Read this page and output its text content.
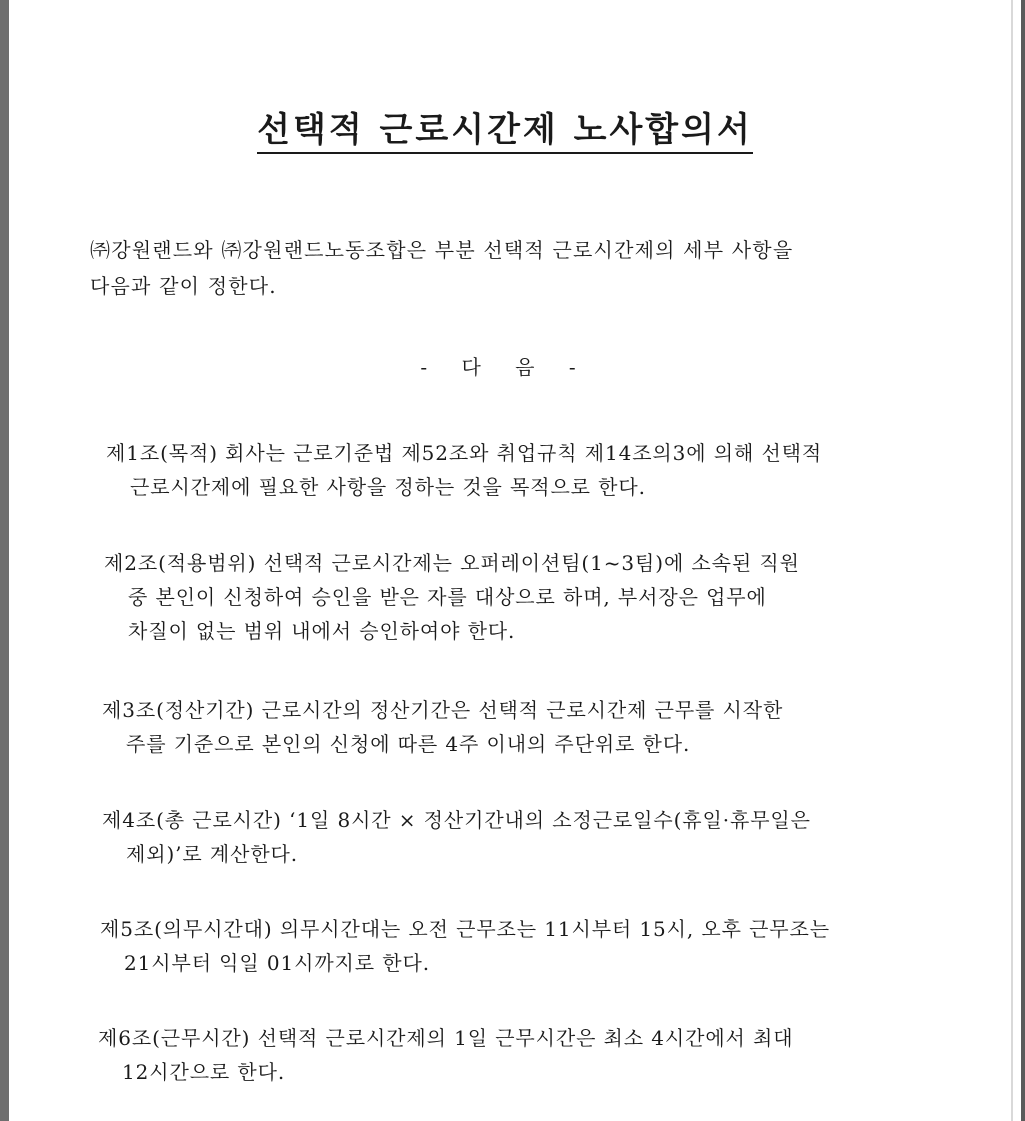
선택적 근로시간제 노사합의서

㈜강원랜드와 ㈜강원랜드노동조합은 부분 선택적 근로시간제의 세부 사항을

다음과 같이 정한다.

- 다 음 -

제1조(목적) 회사는 근로기준법 제52조와 취업규칙 제14조의3에 의해 선택적

근로시간제에 필요한 사항을 정하는 것을 목적으로 한다.

제2조(적용범위) 선택적 근로시간제는 오퍼레이션팀(1~3팀)에 소속된 직원

중 본인이 신청하여 승인을 받은 자를 대상으로 하며, 부서장은 업무에

차질이 없는 범위 내에서 승인하여야 한다.

제3조(정산기간) 근로시간의 정산기간은 선택적 근로시간제 근무를 시작한

주를 기준으로 본인의 신청에 따른 4주 이내의 주단위로 한다.

제4조(총 근로시간) ‘1일 8시간 × 정산기간내의 소정근로일수(휴일·휴무일은

제외)’로 계산한다.

제5조(의무시간대) 의무시간대는 오전 근무조는 11시부터 15시, 오후 근무조는

21시부터 익일 01시까지로 한다.

제6조(근무시간) 선택적 근로시간제의 1일 근무시간은 최소 4시간에서 최대

12시간으로 한다.
